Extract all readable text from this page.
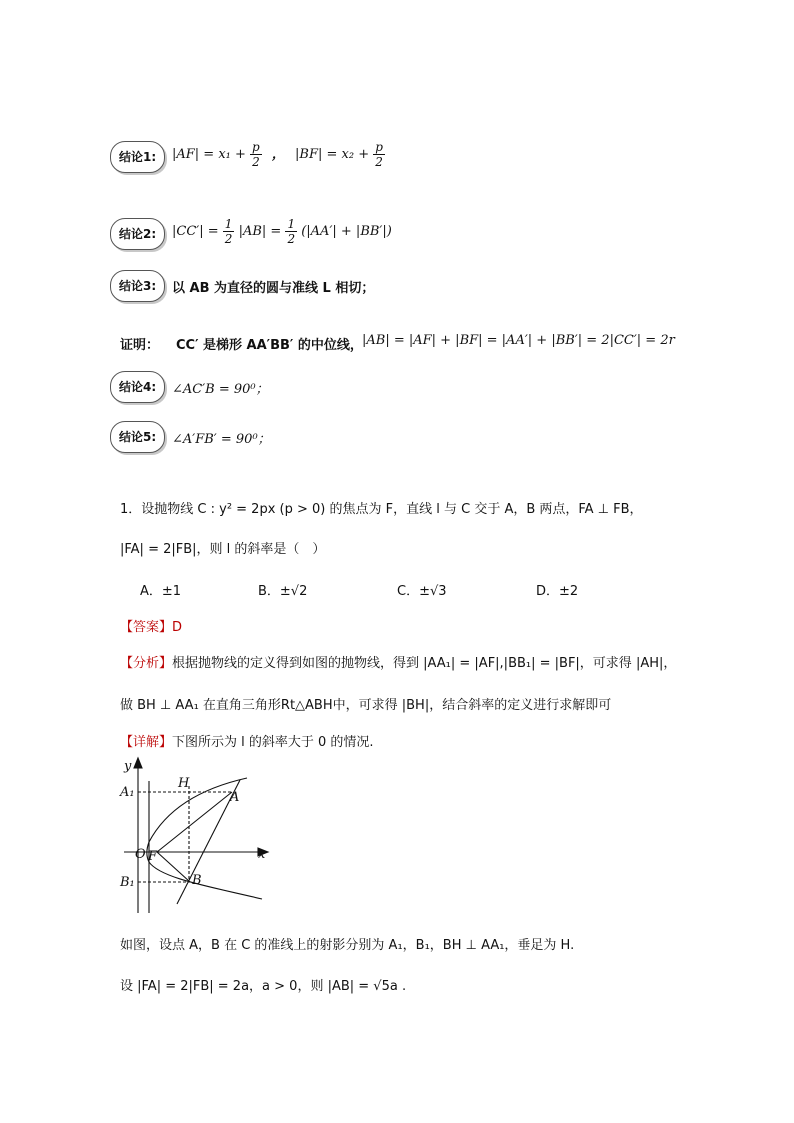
结论1:	$|AF| = x_1 + \frac{p}{2}$ ， $|BF| = x_2 + \frac{p}{2}$
结论2:	$|CC'| = \frac{1}{2} |AB| = \frac{1}{2} (|AA'| + |BB'|)$
结论3:	以 AB 为直径的圆与准线 L 相切；
证明： CC′ 是梯形 AA′BB′ 的中位线， |AB| = |AF| + |BF| = |AA′| + |BB′| = 2|CC′| = 2r
结论4:	∠AC′B = 90⁰；
结论5:	∠A′FB′ = 90⁰；
1．设抛物线 C : y² = 2px (p > 0) 的焦点为 F，直线 l 与 C 交于 A，B 两点，FA ⊥ FB，
|FA| = 2|FB|，则 l 的斜率是（　）
A．±1	B．±√2	C．±√3	D．±2
【答案】D
【分析】根据抛物线的定义得到如图的抛物线，得到 |AA₁| = |AF|,|BB₁| = |BF|，可求得 |AH|，
做 BH ⊥ AA₁ 在直角三角形Rt△ABH中，可求得 |BH|，结合斜率的定义进行求解即可
【详解】下图所示为 l 的斜率大于 0 的情况.
y
H
A
A₁
x
O F
B
B₁
如图，设点 A，B 在 C 的准线上的射影分别为 A₁，B₁，BH ⊥ AA₁，垂足为 H.
设 |FA| = 2|FB| = 2a，a > 0，则 |AB| = √5a .
